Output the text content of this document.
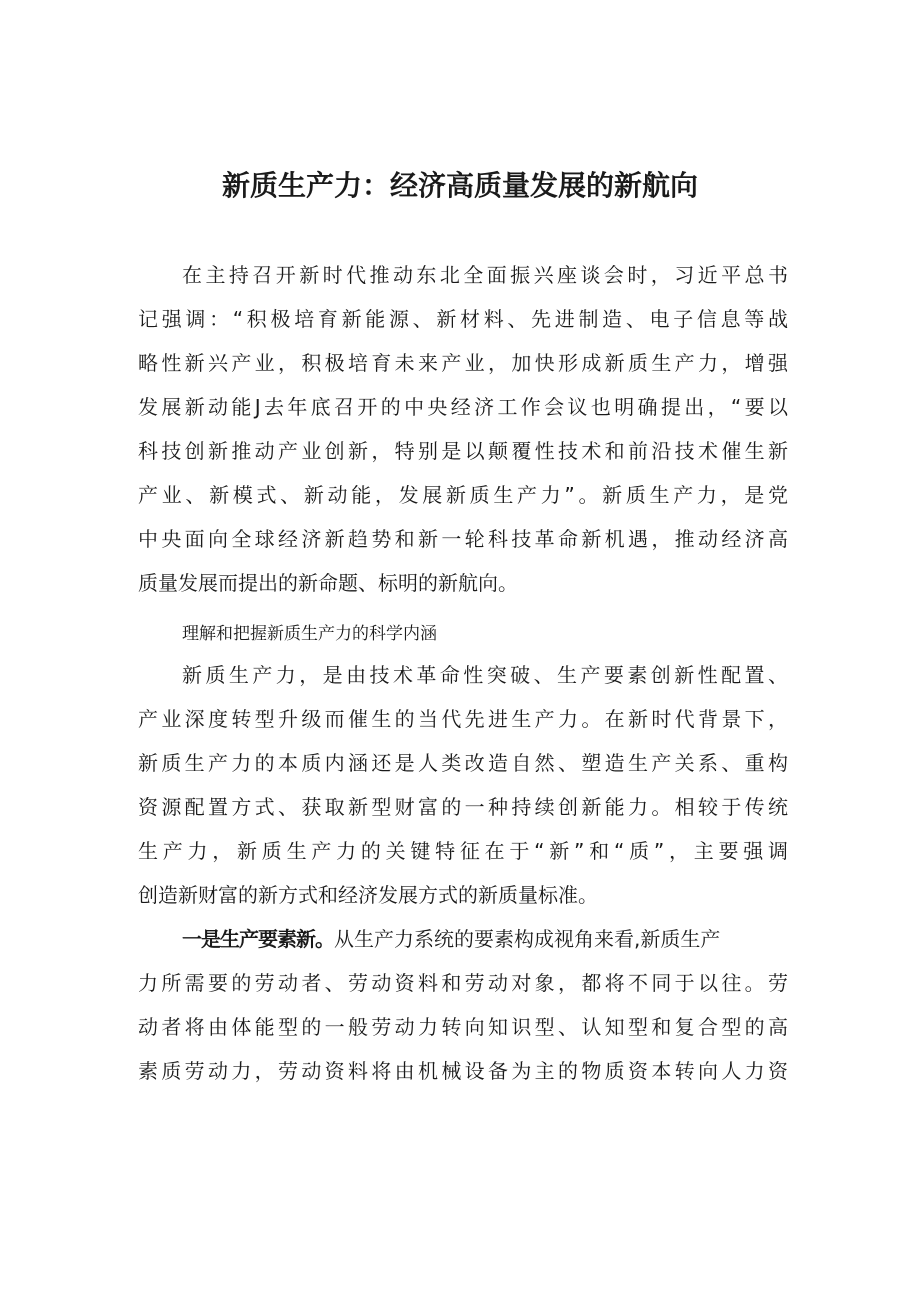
新质生产力：经济高质量发展的新航向
在主持召开新时代推动东北全面振兴座谈会时，习近平总书
记强调：“积极培育新能源、新材料、先进制造、电子信息等战
略性新兴产业，积极培育未来产业，加快形成新质生产力，增强
发展新动能J去年底召开的中央经济工作会议也明确提出，“要以
科技创新推动产业创新，特别是以颠覆性技术和前沿技术催生新
产业、新模式、新动能，发展新质生产力”。新质生产力，是党
中央面向全球经济新趋势和新一轮科技革命新机遇，推动经济高
质量发展而提出的新命题、标明的新航向。
理解和把握新质生产力的科学内涵
新质生产力，是由技术革命性突破、生产要素创新性配置、
产业深度转型升级而催生的当代先进生产力。在新时代背景下，
新质生产力的本质内涵还是人类改造自然、塑造生产关系、重构
资源配置方式、获取新型财富的一种持续创新能力。相较于传统
生产力，新质生产力的关键特征在于“新”和“质”，主要强调
创造新财富的新方式和经济发展方式的新质量标准。
一是生产要素新。从生产力系统的要素构成视角来看,新质生产
力所需要的劳动者、劳动资料和劳动对象，都将不同于以往。劳
动者将由体能型的一般劳动力转向知识型、认知型和复合型的高
素质劳动力，劳动资料将由机械设备为主的物质资本转向人力资
